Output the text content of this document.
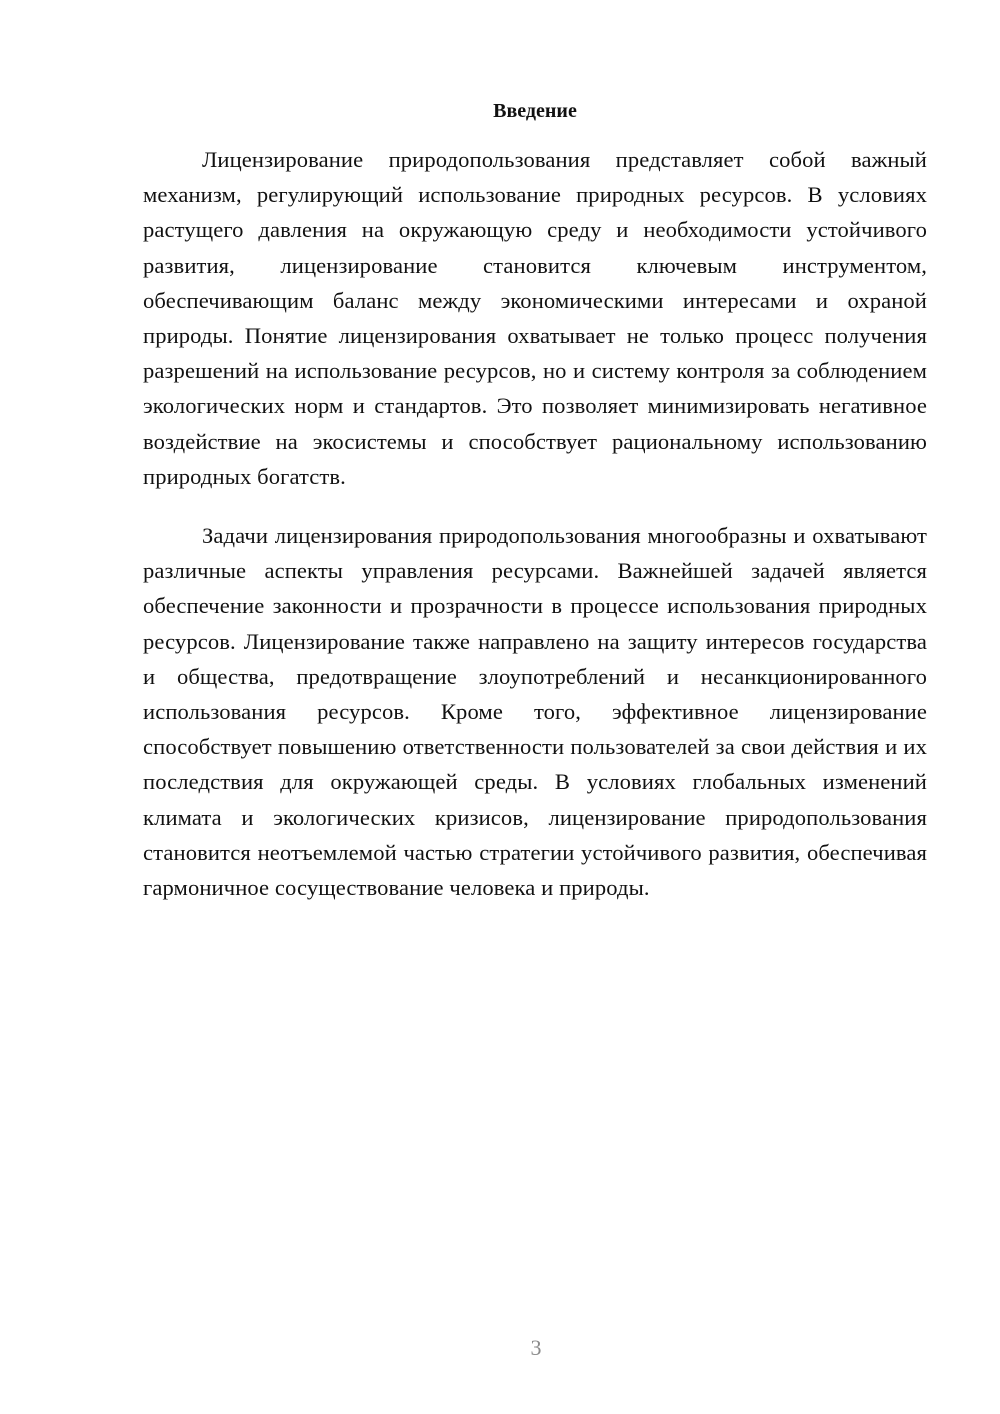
Введение

Лицензирование природопользования представляет собой важный механизм, регулирующий использование природных ресурсов. В условиях растущего давления на окружающую среду и необходимости устойчивого развития, лицензирование становится ключевым инструментом, обеспечивающим баланс между экономическими интересами и охраной природы. Понятие лицензирования охватывает не только процесс получения разрешений на использование ресурсов, но и систему контроля за соблюдением экологических норм и стандартов. Это позволяет минимизировать негативное воздействие на экосистемы и способствует рациональному использованию природных богатств.

Задачи лицензирования природопользования многообразны и охватывают различные аспекты управления ресурсами. Важнейшей задачей является обеспечение законности и прозрачности в процессе использования природных ресурсов. Лицензирование также направлено на защиту интересов государства и общества, предотвращение злоупотреблений и несанкционированного использования ресурсов. Кроме того, эффективное лицензирование способствует повышению ответственности пользователей за свои действия и их последствия для окружающей среды. В условиях глобальных изменений климата и экологических кризисов, лицензирование природопользования становится неотъемлемой частью стратегии устойчивого развития, обеспечивая гармоничное сосуществование человека и природы.

3
